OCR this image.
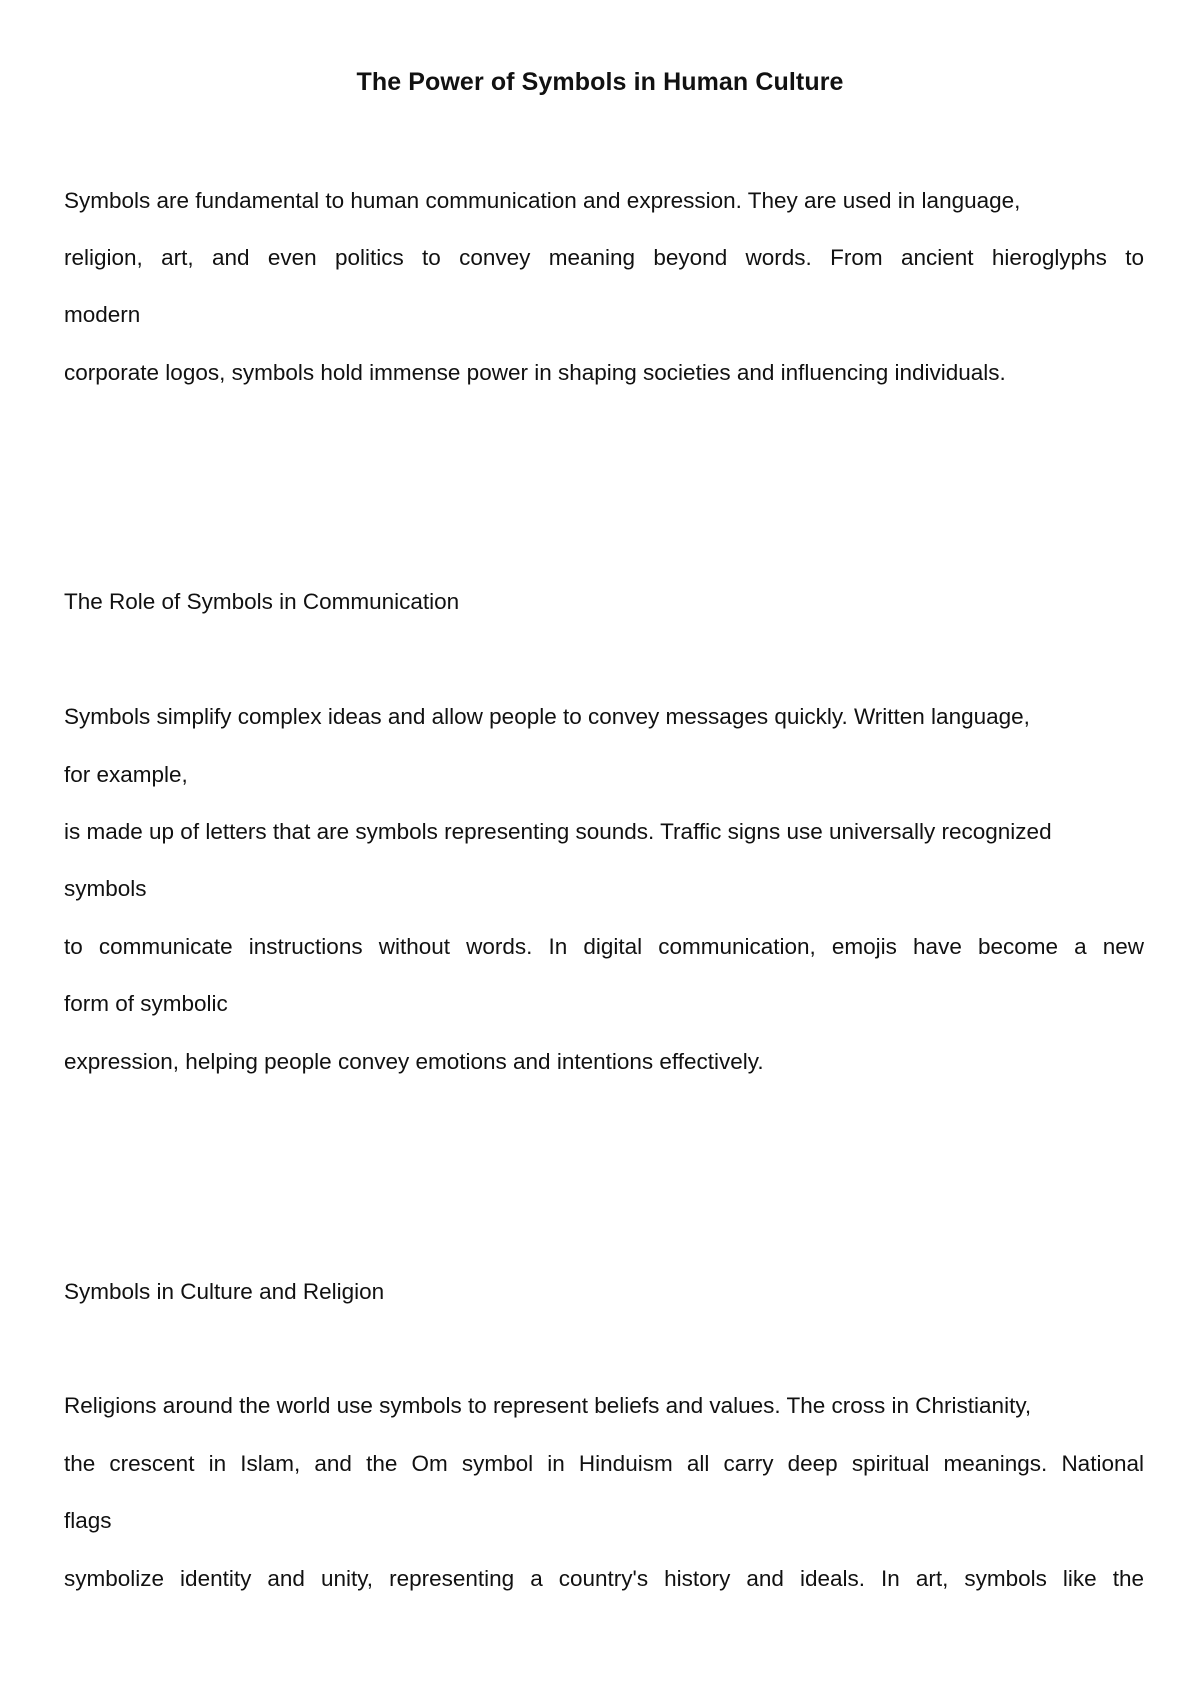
The Power of Symbols in Human Culture

Symbols are fundamental to human communication and expression. They are used in language,

religion, art, and even politics to convey meaning beyond words. From ancient hieroglyphs to

modern

corporate logos, symbols hold immense power in shaping societies and influencing individuals.

The Role of Symbols in Communication

Symbols simplify complex ideas and allow people to convey messages quickly. Written language,

for example,

is made up of letters that are symbols representing sounds. Traffic signs use universally recognized

symbols

to communicate instructions without words. In digital communication, emojis have become a new

form of symbolic

expression, helping people convey emotions and intentions effectively.

Symbols in Culture and Religion

Religions around the world use symbols to represent beliefs and values. The cross in Christianity,

the crescent in Islam, and the Om symbol in Hinduism all carry deep spiritual meanings. National

flags

symbolize identity and unity, representing a country's history and ideals. In art, symbols like the
